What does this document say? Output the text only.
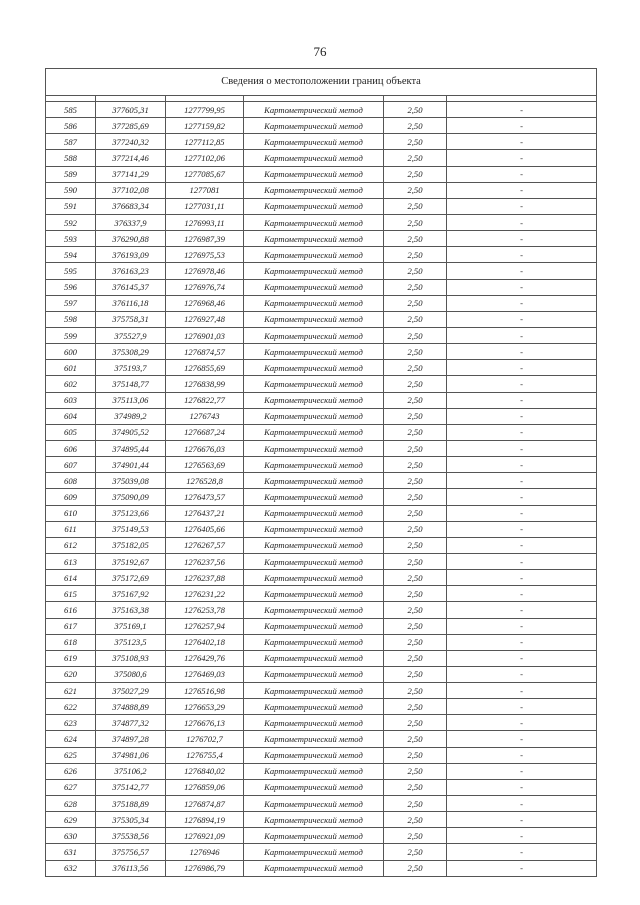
76
Сведения о местоположении границ объекта					

585	377605,31	1277799,95	Картометрический метод	2,50	-
586	377285,69	1277159,82	Картометрический метод	2,50	-
587	377240,32	1277112,85	Картометрический метод	2,50	-
588	377214,46	1277102,06	Картометрический метод	2,50	-
589	377141,29	1277085,67	Картометрический метод	2,50	-
590	377102,08	1277081	Картометрический метод	2,50	-
591	376683,34	1277031,11	Картометрический метод	2,50	-
592	376337,9	1276993,11	Картометрический метод	2,50	-
593	376290,88	1276987,39	Картометрический метод	2,50	-
594	376193,09	1276975,53	Картометрический метод	2,50	-
595	376163,23	1276978,46	Картометрический метод	2,50	-
596	376145,37	1276976,74	Картометрический метод	2,50	-
597	376116,18	1276968,46	Картометрический метод	2,50	-
598	375758,31	1276927,48	Картометрический метод	2,50	-
599	375527,9	1276901,03	Картометрический метод	2,50	-
600	375308,29	1276874,57	Картометрический метод	2,50	-
601	375193,7	1276855,69	Картометрический метод	2,50	-
602	375148,77	1276838,99	Картометрический метод	2,50	-
603	375113,06	1276822,77	Картометрический метод	2,50	-
604	374989,2	1276743	Картометрический метод	2,50	-
605	374905,52	1276687,24	Картометрический метод	2,50	-
606	374895,44	1276676,03	Картометрический метод	2,50	-
607	374901,44	1276563,69	Картометрический метод	2,50	-
608	375039,08	1276528,8	Картометрический метод	2,50	-
609	375090,09	1276473,57	Картометрический метод	2,50	-
610	375123,66	1276437,21	Картометрический метод	2,50	-
611	375149,53	1276405,66	Картометрический метод	2,50	-
612	375182,05	1276267,57	Картометрический метод	2,50	-
613	375192,67	1276237,56	Картометрический метод	2,50	-
614	375172,69	1276237,88	Картометрический метод	2,50	-
615	375167,92	1276231,22	Картометрический метод	2,50	-
616	375163,38	1276253,78	Картометрический метод	2,50	-
617	375169,1	1276257,94	Картометрический метод	2,50	-
618	375123,5	1276402,18	Картометрический метод	2,50	-
619	375108,93	1276429,76	Картометрический метод	2,50	-
620	375080,6	1276469,03	Картометрический метод	2,50	-
621	375027,29	1276516,98	Картометрический метод	2,50	-
622	374888,89	1276653,29	Картометрический метод	2,50	-
623	374877,32	1276676,13	Картометрический метод	2,50	-
624	374897,28	1276702,7	Картометрический метод	2,50	-
625	374981,06	1276755,4	Картометрический метод	2,50	-
626	375106,2	1276840,02	Картометрический метод	2,50	-
627	375142,77	1276859,06	Картометрический метод	2,50	-
628	375188,89	1276874,87	Картометрический метод	2,50	-
629	375305,34	1276894,19	Картометрический метод	2,50	-
630	375538,56	1276921,09	Картометрический метод	2,50	-
631	375756,57	1276946	Картометрический метод	2,50	-
632	376113,56	1276986,79	Картометрический метод	2,50	-
